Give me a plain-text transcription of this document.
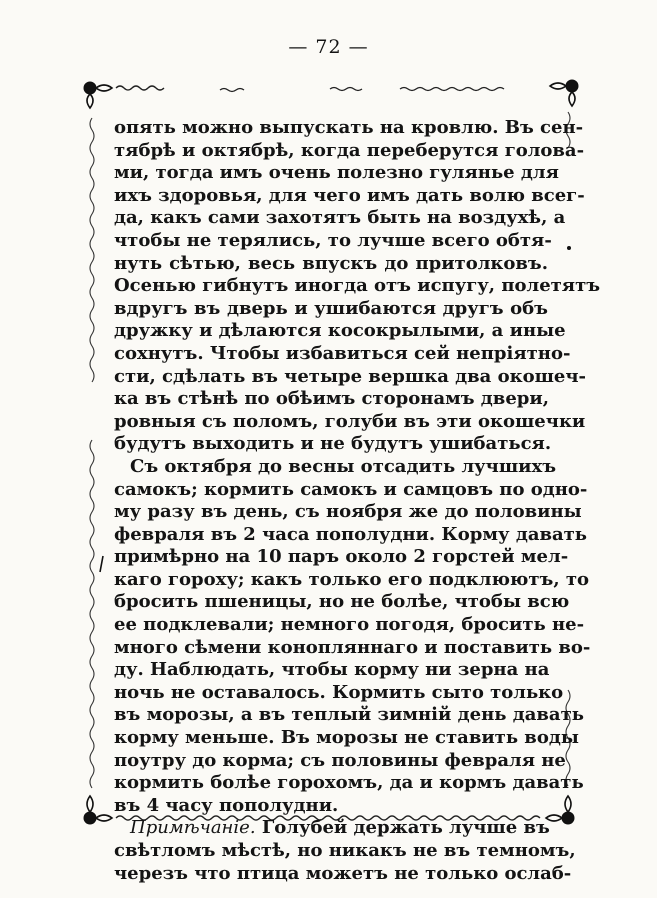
— 72 —
опять можно выпускать на кровлю. Въ сен-
тябрѣ и октябрѣ, когда переберутся голова-
ми, тогда имъ очень полезно гулянье для
ихъ здоровья, для чего имъ дать волю всег-
да, какъ сами захотятъ быть на воздухѣ, а
чтобы не терялись, то лучше всего обтя-
нуть сѣтью, весь впускъ до притолковъ.
Осенью гибнутъ иногда отъ испугу, полетятъ
вдругъ въ дверь и ушибаются другъ объ
дружку и дѣлаются косокрылыми, а иные
сохнутъ. Чтобы избавиться сей непріятно-
сти, сдѣлать въ четыре вершка два окошеч-
ка въ стѣнѣ по обѣимъ сторонамъ двери,
ровныя съ поломъ, голуби въ эти окошечки
будутъ выходить и не будутъ ушибаться.
Съ октября до весны отсадить лучшихъ
самокъ; кормить самокъ и самцовъ по одно-
му разу въ день, съ ноября же до половины
февраля въ 2 часа пополудни. Корму давать
примѣрно на 10 паръ около 2 горстей мел-
каго гороху; какъ только его подклюютъ, то
бросить пшеницы, но не болѣе, чтобы всю
ее подклевали; немного погодя, бросить не-
много сѣмени конопляннаго и поставить во-
ду. Наблюдать, чтобы корму ни зерна на
ночь не оставалось. Кормить сыто только
въ морозы, а въ теплый зимній день давать
корму меньше. Въ морозы не ставить воды
поутру до корма; съ половины февраля не
кормить болѣе горохомъ, да и кормъ давать
въ 4 часу пополудни.
Примѣчаніе. Голубей держать лучше въ
свѣтломъ мѣстѣ, но никакъ не въ темномъ,
черезъ что птица можетъ не только ослаб-
